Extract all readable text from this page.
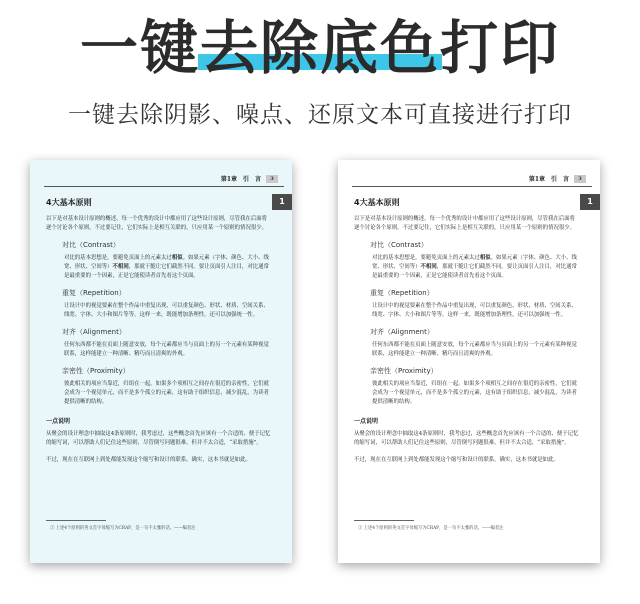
一键去除底色打印
一键去除阴影、噪点、还原文本可直接进行打印
第1章　引　言	3
1
4大基本原则

以下是对基本设计原则的概述，每一个优秀的设计中都应用了这些设计原则，尽管我在后面将逐个讨论各个原则，不过要记住，它们实际上是相互关联的，只应用某一个原则的情况很少。

对比（Contrast）

对比的基本思想是，要避免页面上的元素太过相似。如果元素（字体、颜色、大小、线宽、形状、空间等）不相同，那就干脆让它们截然不同。要让页面引人注目，对比通常是最重要的一个因素，正是它能使读者首先看这个页面。

重复（Repetition）

让设计中的视觉要素在整个作品中重复出现，可以重复颜色、形状、材质、空间关系、线宽、字体、大小和图片等等。这样一来，既能增加条理性，还可以加强统一性。

对齐（Alignment）

任何东西都不能在页面上随意安放，每个元素都应当与页面上的另一个元素有某种视觉联系，这样能建立一种清晰、精巧而且清爽的外观。

亲密性（Proximity）

彼此相关的项应当靠近，归组在一起。如果多个项相互之间存在很近的亲密性，它们就会成为一个视觉单元，而不是多个孤立的元素，这有助于组织信息，减少混乱，为读者提供清晰的结构。

一点说明

从聚会的设计理念中抽取这4条原则时，我考虑过，这些概念首先应该有一个合适的、便于记忆的缩写词，可以帮助人们记住这些原则，尽管倒写问题很难，但并不太合适，“采取措施”。

不过，现在在互联网上到处都能发现这个缩写和设计的联系，确实，这本书就是如此。

① 上述4个原则的英文首字母缩写为CRAP，是一句不太雅的话。——编者注
第1章　引　言	3
1
4大基本原则

以下是对基本设计原则的概述，每一个优秀的设计中都应用了这些设计原则，尽管我在后面将逐个讨论各个原则，不过要记住，它们实际上是相互关联的，只应用某一个原则的情况很少。

对比（Contrast）

对比的基本思想是，要避免页面上的元素太过相似。如果元素（字体、颜色、大小、线宽、形状、空间等）不相同，那就干脆让它们截然不同。要让页面引人注目，对比通常是最重要的一个因素，正是它能使读者首先看这个页面。

重复（Repetition）

让设计中的视觉要素在整个作品中重复出现，可以重复颜色、形状、材质、空间关系、线宽、字体、大小和图片等等。这样一来，既能增加条理性，还可以加强统一性。

对齐（Alignment）

任何东西都不能在页面上随意安放，每个元素都应当与页面上的另一个元素有某种视觉联系，这样能建立一种清晰、精巧而且清爽的外观。

亲密性（Proximity）

彼此相关的项应当靠近，归组在一起。如果多个项相互之间存在很近的亲密性，它们就会成为一个视觉单元，而不是多个孤立的元素，这有助于组织信息，减少混乱，为读者提供清晰的结构。

一点说明

从聚会的设计理念中抽取这4条原则时，我考虑过，这些概念首先应该有一个合适的、便于记忆的缩写词，可以帮助人们记住这些原则，尽管倒写问题很难，但并不太合适，“采取措施”。

不过，现在在互联网上到处都能发现这个缩写和设计的联系，确实，这本书就是如此。

① 上述4个原则的英文首字母缩写为CRAP，是一句不太雅的话。——编者注
